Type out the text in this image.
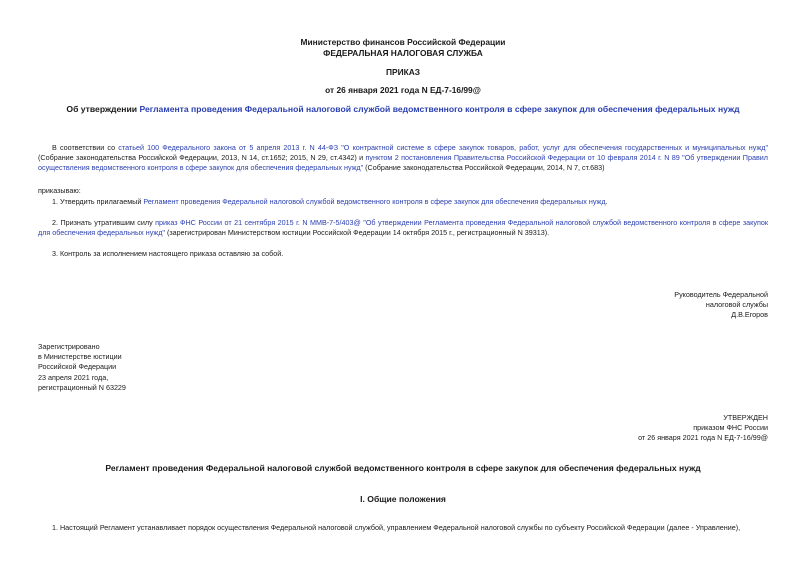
Министерство финансов Российской Федерации

ФЕДЕРАЛЬНАЯ НАЛОГОВАЯ СЛУЖБА

ПРИКАЗ
от 26 января 2021 года N ЕД-7-16/99@
Об утверждении Регламента проведения Федеральной налоговой службой ведомственного контроля в сфере закупок для обеспечения федеральных нужд
В соответствии со статьей 100 Федерального закона от 5 апреля 2013 г. N 44-ФЗ "О контрактной системе в сфере закупок товаров, работ, услуг для обеспечения государственных и муниципальных нужд" (Собрание законодательства Российской Федерации, 2013, N 14, ст.1652; 2015, N 29, ст.4342) и пунктом 2 постановления Правительства Российской Федерации от 10 февраля 2014 г. N 89 "Об утверждении Правил осуществления ведомственного контроля в сфере закупок для обеспечения федеральных нужд" (Собрание законодательства Российской Федерации, 2014, N 7, ст.683)
приказываю:
1. Утвердить прилагаемый Регламент проведения Федеральной налоговой службой ведомственного контроля в сфере закупок для обеспечения федеральных нужд.
2. Признать утратившим силу приказ ФНС России от 21 сентября 2015 г. N ММВ-7-5/403@ "Об утверждении Регламента проведения Федеральной налоговой службой ведомственного контроля в сфере закупок для обеспечения федеральных нужд" (зарегистрирован Министерством юстиции Российской Федерации 14 октября 2015 г., регистрационный N 39313).
3. Контроль за исполнением настоящего приказа оставляю за собой.

Руководитель Федеральной

налоговой службы

Д.В.Егоров

Зарегистрировано

в Министерстве юстиции

Российской Федерации

23 апреля 2021 года,

регистрационный N 63229

УТВЕРЖДЕН

приказом ФНС России

от 26 января 2021 года N ЕД-7-16/99@

Регламент проведения Федеральной налоговой службой ведомственного контроля в сфере закупок для обеспечения федеральных нужд
I. Общие положения
1. Настоящий Регламент устанавливает порядок осуществления Федеральной налоговой службой, управлением Федеральной налоговой службы по субъекту Российской Федерации (далее - Управление),
